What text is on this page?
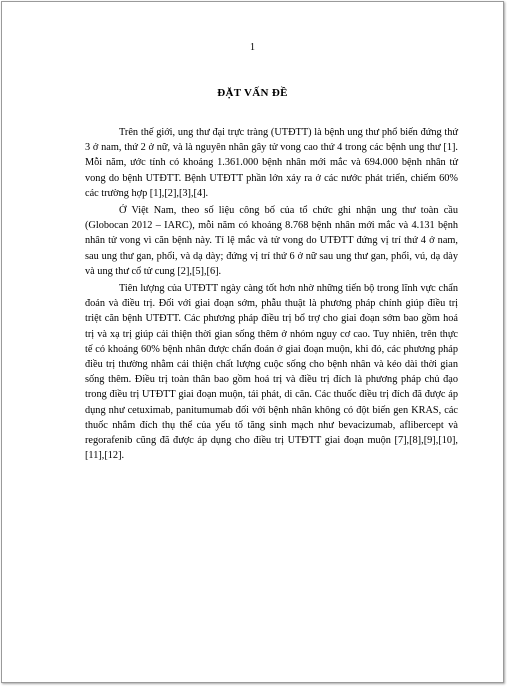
1
ĐẶT VẤN ĐỀ

Trên thế giới, ung thư đại trực tràng (UTĐTT) là bệnh ung thư phổ biến đứng thứ 3 ở nam, thứ 2 ở nữ, và là nguyên nhân gây tử vong cao thứ 4 trong các bệnh ung thư [1]. Mỗi năm, ước tính có khoảng 1.361.000 bệnh nhân mới mắc và 694.000 bệnh nhân tử vong do bệnh UTĐTT. Bệnh UTĐTT phần lớn xảy ra ở các nước phát triển, chiếm 60% các trường hợp [1],[2],[3],[4].

Ở Việt Nam, theo số liệu công bố của tổ chức ghi nhận ung thư toàn cầu (Globocan 2012 – IARC), mỗi năm có khoảng 8.768 bệnh nhân mới mắc và 4.131 bệnh nhân tử vong vì căn bệnh này. Tỉ lệ mắc và tử vong do UTĐTT đứng vị trí thứ 4 ở nam, sau ung thư gan, phổi, và dạ dày; đứng vị trí thứ 6 ở nữ sau ung thư gan, phổi, vú, dạ dày và ung thư cổ tử cung [2],[5],[6].

Tiên lượng của UTĐTT ngày càng tốt hơn nhờ những tiến bộ trong lĩnh vực chẩn đoán và điều trị. Đối với giai đoạn sớm, phẫu thuật là phương pháp chính giúp điều trị triệt căn bệnh UTĐTT. Các phương pháp điều trị bổ trợ cho giai đoạn sớm bao gồm hoá trị và xạ trị giúp cải thiện thời gian sống thêm ở nhóm nguy cơ cao. Tuy nhiên, trên thực tế có khoảng 60% bệnh nhân được chẩn đoán ở giai đoạn muộn, khi đó, các phương pháp điều trị thường nhằm cải thiện chất lượng cuộc sống cho bệnh nhân và kéo dài thời gian sống thêm. Điều trị toàn thân bao gồm hoá trị và điều trị đích là phương pháp chủ đạo trong điều trị UTĐTT giai đoạn muộn, tái phát, di căn. Các thuốc điều trị đích đã được áp dụng như cetuximab, panitumumab đối với bệnh nhân không có đột biến gen KRAS, các thuốc nhắm đích thụ thể của yếu tố tăng sinh mạch như bevacizumab, aflibercept và regorafenib cũng đã được áp dụng cho điều trị UTĐTT giai đoạn muộn [7],[8],[9],[10],[11],[12].
